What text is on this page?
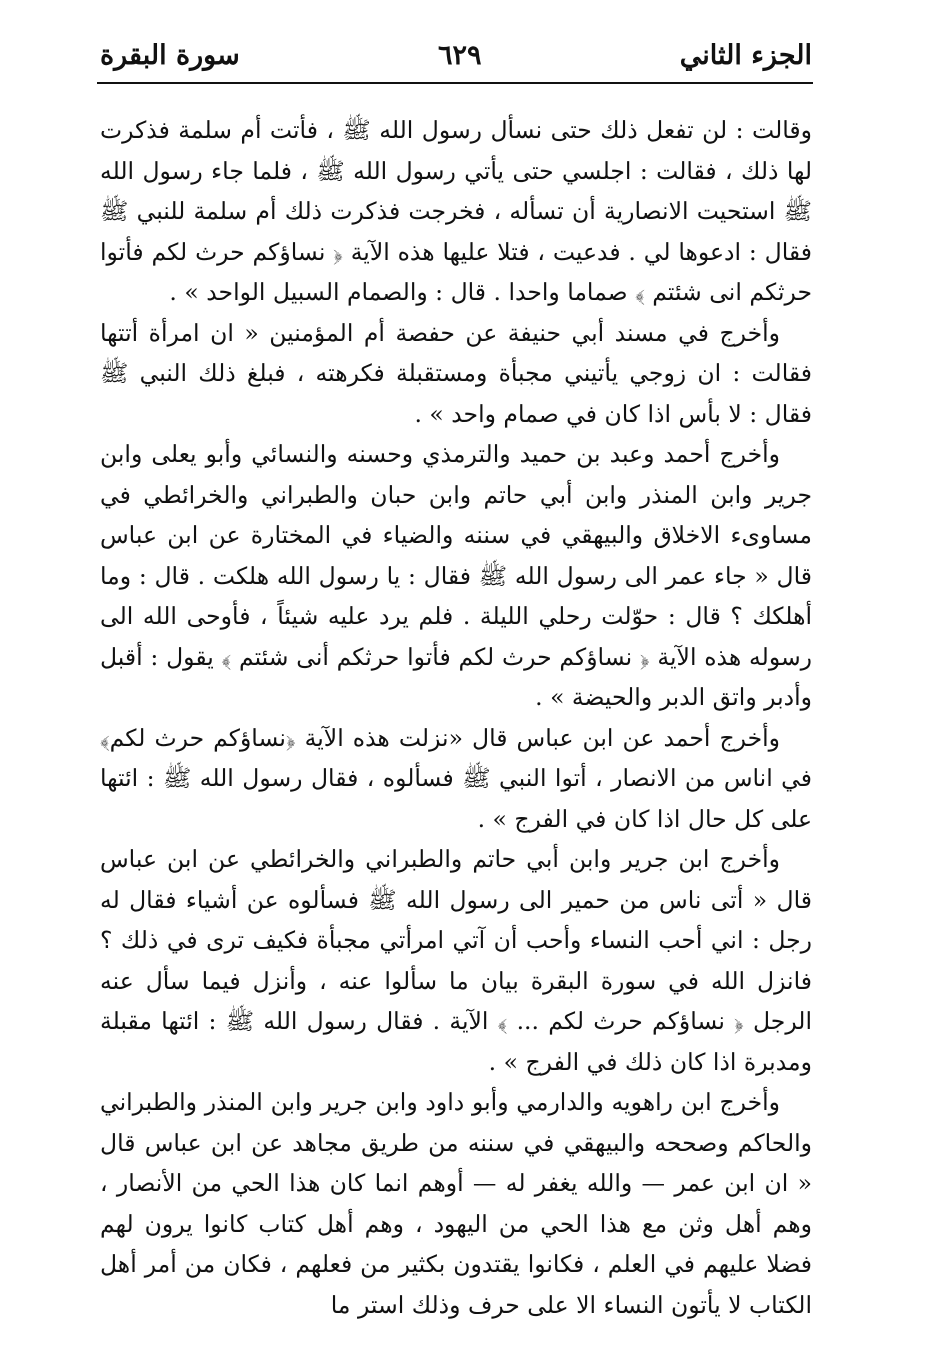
الجزء الثاني
٦٢٩
سورة البقرة

وقالت : لن تفعل ذلك حتى نسأل رسول الله ﷺ ، فأتت أم سلمة فذكرت لها ذلك ، فقالت : اجلسي حتى يأتي رسول الله ﷺ ، فلما جاء رسول الله ﷺ استحيت الانصارية أن تسأله ، فخرجت فذكرت ذلك أم سلمة للنبي ﷺ فقال : ادعوها لي . فدعيت ، فتلا عليها هذه الآية ﴿ نساؤكم حرث لكم فأتوا حرثكم انى شئتم ﴾ صماما واحدا . قال : والصمام السبيل الواحد » .

وأخرج في مسند أبي حنيفة عن حفصة أم المؤمنين « ان امرأة أتتها فقالت : ان زوجي يأتيني مجبأة ومستقبلة فكرهته ، فبلغ ذلك النبي ﷺ فقال : لا بأس اذا كان في صمام واحد » .

وأخرج أحمد وعبد بن حميد والترمذي وحسنه والنسائي وأبو يعلى وابن جرير وابن المنذر وابن أبي حاتم وابن حبان والطبراني والخرائطي في مساوىء الاخلاق والبيهقي في سننه والضياء في المختارة عن ابن عباس قال « جاء عمر الى رسول الله ﷺ فقال : يا رسول الله هلكت . قال : وما أهلكك ؟ قال : حوّلت رحلي الليلة . فلم يرد عليه شيئاً ، فأوحى الله الى رسوله هذه الآية ﴿ نساؤكم حرث لكم فأتوا حرثكم أنى شئتم ﴾ يقول : أقبل وأدبر واتق الدبر والحيضة » .

وأخرج أحمد عن ابن عباس قال «نزلت هذه الآية ﴿نساؤكم حرث لكم﴾ في اناس من الانصار ، أتوا النبي ﷺ فسألوه ، فقال رسول الله ﷺ : ائتها على كل حال اذا كان في الفرج » .

وأخرج ابن جرير وابن أبي حاتم والطبراني والخرائطي عن ابن عباس قال « أتى ناس من حمير الى رسول الله ﷺ فسألوه عن أشياء فقال له رجل : اني أحب النساء وأحب أن آتي امرأتي مجبأة فكيف ترى في ذلك ؟ فانزل الله في سورة البقرة بيان ما سألوا عنه ، وأنزل فيما سأل عنه الرجل ﴿ نساؤكم حرث لكم ... ﴾ الآية . فقال رسول الله ﷺ : ائتها مقبلة ومدبرة اذا كان ذلك في الفرج » .

وأخرج ابن راهويه والدارمي وأبو داود وابن جرير وابن المنذر والطبراني والحاكم وصححه والبيهقي في سننه من طريق مجاهد عن ابن عباس قال « ان ابن عمر — والله يغفر له — أوهم انما كان هذا الحي من الأنصار ، وهم أهل وثن مع هذا الحي من اليهود ، وهم أهل كتاب كانوا يرون لهم فضلا عليهم في العلم ، فكانوا يقتدون بكثير من فعلهم ، فكان من أمر أهل الكتاب لا يأتون النساء الا على حرف وذلك استر ما
